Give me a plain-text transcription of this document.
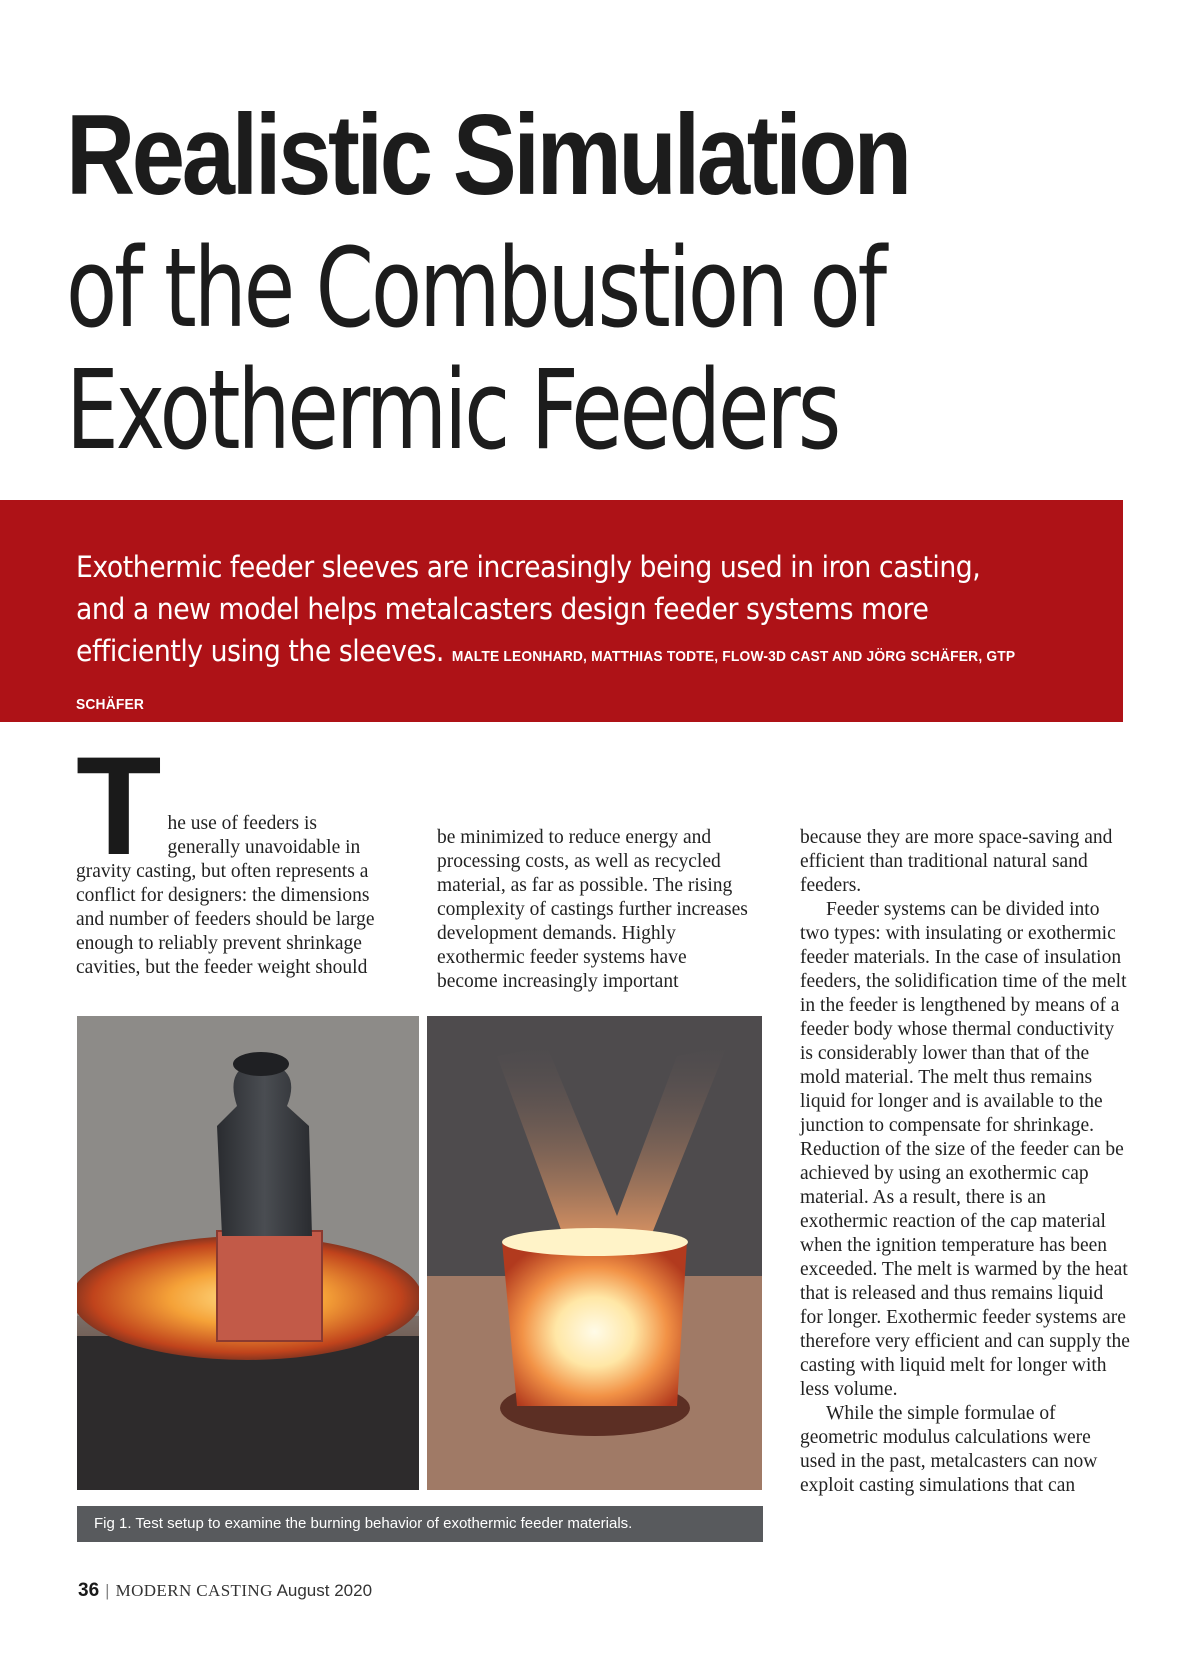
Realistic Simulation
of the Combustion of
Exothermic Feeders
Exothermic feeder sleeves are increasingly being used in iron casting, and a new model helps metalcasters design feeder systems more efficiently using the sleeves. MALTE LEONHARD, MATTHIAS TODTE, FLOW-3D CAST AND JÖRG SCHÄFER, GTP SCHÄFER
T he use of feeders is generally unavoidable in gravity casting, but often represents a conflict for designers: the dimensions and number of feeders should be large enough to reliably prevent shrinkage cavities, but the feeder weight should

be minimized to reduce energy and processing costs, as well as recycled material, as far as possible. The rising complexity of castings further increases development demands. Highly exothermic feeder systems have become increasingly important

because they are more space-saving and efficient than traditional natural sand feeders.

Feeder systems can be divided into two types: with insulating or exothermic feeder materials. In the case of insulation feeders, the solidification time of the melt in the feeder is lengthened by means of a feeder body whose thermal conductivity is considerably lower than that of the mold material. The melt thus remains liquid for longer and is available to the junction to compensate for shrinkage. Reduction of the size of the feeder can be achieved by using an exothermic cap material. As a result, there is an exothermic reaction of the cap material when the ignition temperature has been exceeded. The melt is warmed by the heat that is released and thus remains liquid for longer. Exothermic feeder systems are therefore very efficient and can supply the casting with liquid melt for longer with less volume.

While the simple formulae of geometric modulus calculations were used in the past, metalcasters can now exploit casting simulations that can

Fig 1. Test setup to examine the burning behavior of exothermic feeder materials.
36 | MODERN CASTING August 2020
